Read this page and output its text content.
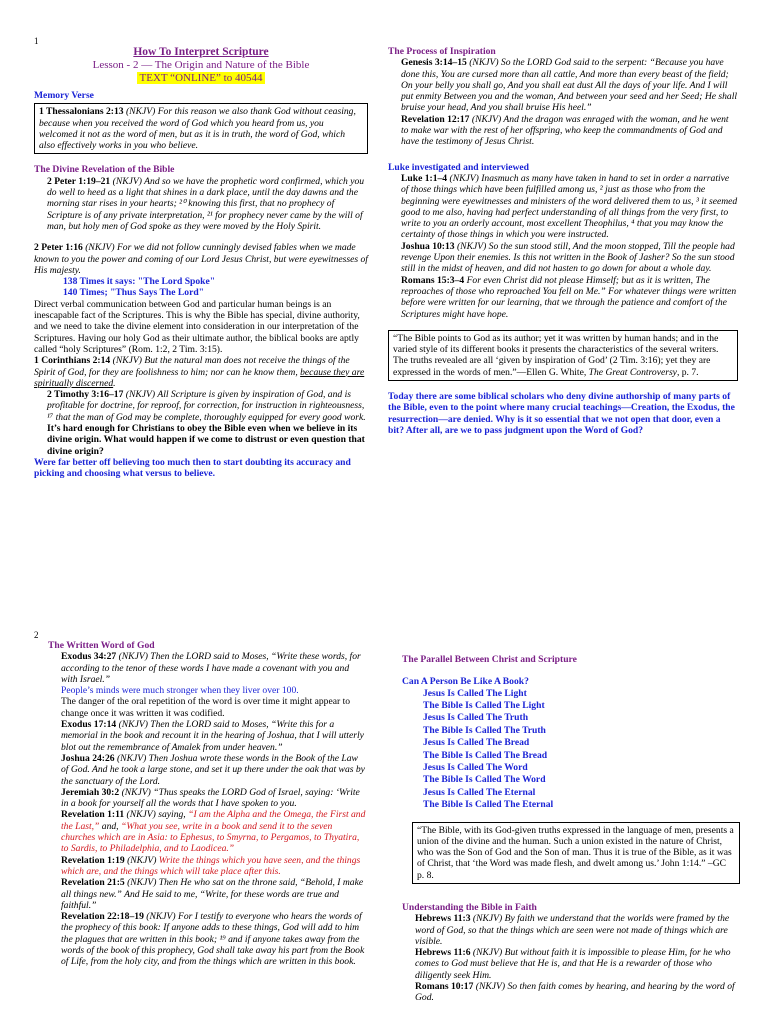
1
How To Interpret Scripture
Lesson - 2 — The Origin and Nature of the Bible
TEXT “ONLINE” to 40544

Memory Verse

1 Thessalonians 2:13 (NKJV) For this reason we also thank God without ceasing, because when you received the word of God which you heard from us, you welcomed it not as the word of men, but as it is in truth, the word of God, which also effectively works in you who believe.

The Divine Revelation of the Bible

2 Peter 1:19–21 (NKJV) And so we have the prophetic word confirmed, which you do well to heed as a light that shines in a dark place, until the day dawns and the morning star rises in your hearts; ²⁰ knowing this first, that no prophecy of Scripture is of any private interpretation, ²¹ for prophecy never came by the will of man, but holy men of God spoke as they were moved by the Holy Spirit.

2 Peter 1:16 (NKJV) For we did not follow cunningly devised fables when we made known to you the power and coming of our Lord Jesus Christ, but were eyewitnesses of His majesty.

138 Times it says: "The Lord Spoke"

140 Times; "Thus Says The Lord"

Direct verbal communication between God and particular human beings is an inescapable fact of the Scriptures. This is why the Bible has special, divine authority, and we need to take the divine element into consideration in our interpretation of the Scriptures. Having our holy God as their ultimate author, the biblical books are aptly called “holy Scriptures” (Rom. 1:2, 2 Tim. 3:15).

1 Corinthians 2:14 (NKJV) But the natural man does not receive the things of the Spirit of God, for they are foolishness to him; nor can he know them, because they are spiritually discerned.

2 Timothy 3:16–17 (NKJV) All Scripture is given by inspiration of God, and is profitable for doctrine, for reproof, for correction, for instruction in righteousness, ¹⁷ that the man of God may be complete, thoroughly equipped for every good work.

It’s hard enough for Christians to obey the Bible even when we believe in its divine origin. What would happen if we come to distrust or even question that divine origin?

Were far better off believing too much then to start doubting its accuracy and picking and choosing what versus to believe.

The Process of Inspiration

Genesis 3:14–15 (NKJV) So the LORD God said to the serpent: “Because you have done this, You are cursed more than all cattle, And more than every beast of the field; On your belly you shall go, And you shall eat dust All the days of your life. And I will put enmity Between you and the woman, And between your seed and her Seed; He shall bruise your head, And you shall bruise His heel.”

Revelation 12:17 (NKJV) And the dragon was enraged with the woman, and he went to make war with the rest of her offspring, who keep the commandments of God and have the testimony of Jesus Christ.

Luke investigated and interviewed

Luke 1:1–4 (NKJV) Inasmuch as many have taken in hand to set in order a narrative of those things which have been fulfilled among us, ² just as those who from the beginning were eyewitnesses and ministers of the word delivered them to us, ³ it seemed good to me also, having had perfect understanding of all things from the very first, to write to you an orderly account, most excellent Theophilus, ⁴ that you may know the certainty of those things in which you were instructed.

Joshua 10:13 (NKJV) So the sun stood still, And the moon stopped, Till the people had revenge Upon their enemies. Is this not written in the Book of Jasher? So the sun stood still in the midst of heaven, and did not hasten to go down for about a whole day.

Romans 15:3–4 For even Christ did not please Himself; but as it is written, The reproaches of those who reproached You fell on Me.” For whatever things were written before were written for our learning, that we through the patience and comfort of the Scriptures might have hope.

“The Bible points to God as its author; yet it was written by human hands; and in the varied style of its different books it presents the characteristics of the several writers. The truths revealed are all ‘given by inspiration of God’ (2 Tim. 3:16); yet they are expressed in the words of men.”—Ellen G. White, The Great Controversy, p. 7.

Today there are some biblical scholars who deny divine authorship of many parts of the Bible, even to the point where many crucial teachings—Creation, the Exodus, the resurrection—are denied. Why is it so essential that we not open that door, even a bit? After all, are we to pass judgment upon the Word of God?

2

The Written Word of God

Exodus 34:27 (NKJV) Then the LORD said to Moses, “Write these words, for according to the tenor of these words I have made a covenant with you and with Israel.”

People’s minds were much stronger when they liver over 100.

The danger of the oral repetition of the word is over time it might appear to change once it was written it was codified.

Exodus 17:14 (NKJV) Then the LORD said to Moses, “Write this for a memorial in the book and recount it in the hearing of Joshua, that I will utterly blot out the remembrance of Amalek from under heaven.”

Joshua 24:26 (NKJV) Then Joshua wrote these words in the Book of the Law of God. And he took a large stone, and set it up there under the oak that was by the sanctuary of the Lord.

Jeremiah 30:2 (NKJV) “Thus speaks the LORD God of Israel, saying: ‘Write in a book for yourself all the words that I have spoken to you.

Revelation 1:11 (NKJV) saying, “I am the Alpha and the Omega, the First and the Last,” and, “What you see, write in a book and send it to the seven churches which are in Asia: to Ephesus, to Smyrna, to Pergamos, to Thyatira, to Sardis, to Philadelphia, and to Laodicea.”

Revelation 1:19 (NKJV) Write the things which you have seen, and the things which are, and the things which will take place after this.

Revelation 21:5 (NKJV) Then He who sat on the throne said, “Behold, I make all things new.” And He said to me, “Write, for these words are true and faithful.”

Revelation 22:18–19 (NKJV) For I testify to everyone who hears the words of the prophecy of this book: If anyone adds to these things, God will add to him the plagues that are written in this book; ¹⁹ and if anyone takes away from the words of the book of this prophecy, God shall take away his part from the Book of Life, from the holy city, and from the things which are written in this book.

The Parallel Between Christ and Scripture

Can A Person Be Like A Book?

Jesus Is Called The Light

The Bible Is Called The Light

Jesus Is Called The Truth

The Bible Is Called The Truth

Jesus Is Called The Bread

The Bible Is Called The Bread

Jesus Is Called The Word

The Bible Is Called The Word

Jesus Is Called The Eternal

The Bible Is Called The Eternal

“The Bible, with its God-given truths expressed in the language of men, presents a union of the divine and the human. Such a union existed in the nature of Christ, who was the Son of God and the Son of man. Thus it is true of the Bible, as it was of Christ, that ‘the Word was made flesh, and dwelt among us.’ John 1:14.” –GC p. 8.

Understanding the Bible in Faith

Hebrews 11:3 (NKJV) By faith we understand that the worlds were framed by the word of God, so that the things which are seen were not made of things which are visible.

Hebrews 11:6 (NKJV) But without faith it is impossible to please Him, for he who comes to God must believe that He is, and that He is a rewarder of those who diligently seek Him.

Romans 10:17 (NKJV) So then faith comes by hearing, and hearing by the word of God.
